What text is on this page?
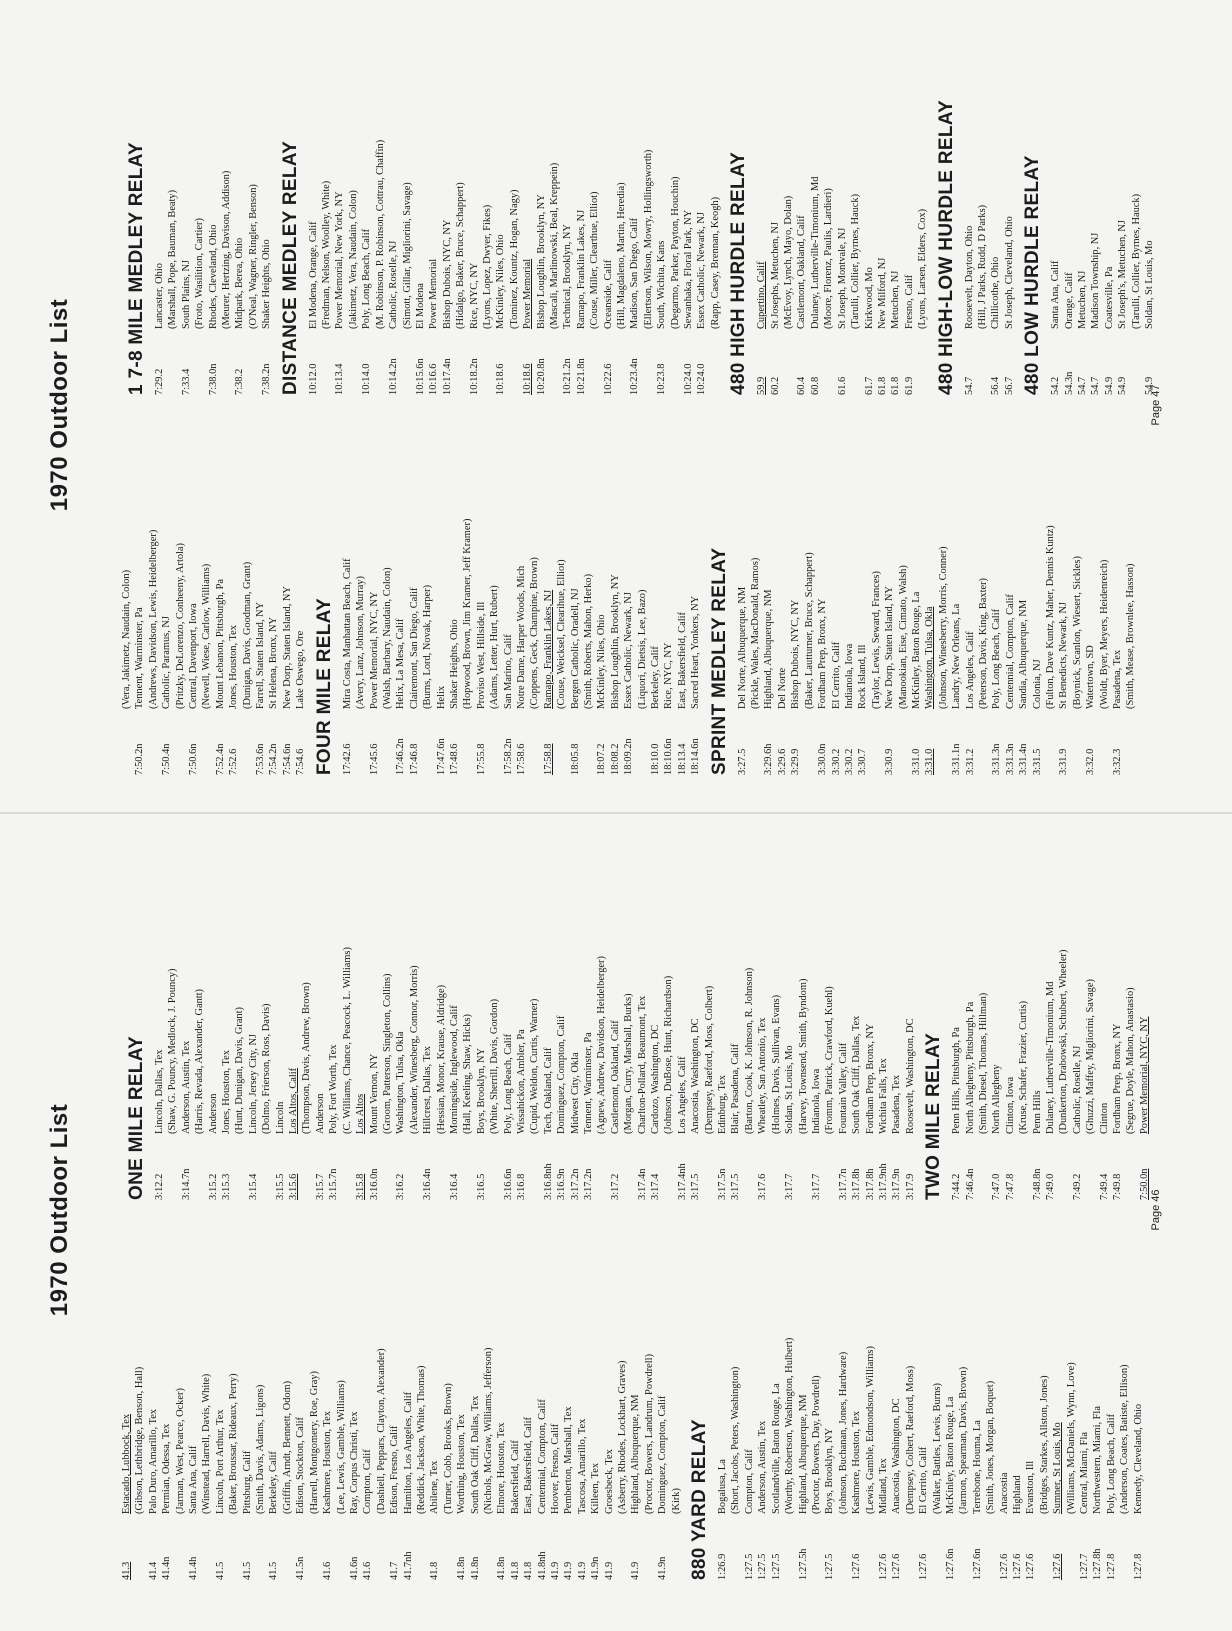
1970 Outdoor List
41.3
Estacado, Lubbock, Tex (Gibson, Lethbridge, Benson, Hall)
41.4
Palo Duro, Amarillo, Tex
41.4n
Permian, Odessa, Tex (Jarman, West, Pearce, Ocker)
41.4h
Santa Ana, Calif (Winstead, Harrell, Davis, White)
41.5
Lincoln, Port Arthur, Tex (Baker, Broussar, Rideaux, Perry)
41.5
Pittsburg, Calif (Smith, Davis, Adams, Ligons)
41.5
Berkeley, Calif (Griffin, Arndt, Bennett, Odom)
41.5n
Edison, Stockton, Calif (Harrell, Montgomery, Roe, Gray)
41.6
Kashmere, Houston, Tex (Lee, Lewis, Gamble, Williams)
41.6n
Ray, Corpus Christi, Tex
41.6
Compton, Calif (Dashiell, Peppars, Clayton, Alexander)
41.7
Edison, Fresno, Calif
41.7nh
Hamilton, Los Angeles, Calif (Reddick, Jackson, White, Thomas)
41.8
Abilene, Tex (Turner, Cobb, Brooks, Brown)
41.8n
Worthing, Houston, Tex
41.8n
South Oak Cliff, Dallas, Tex (Nichols, McGraw, Williams, Jefferson)
41.8n
Elmore, Houston, Tex
41.8
Bakersfield, Calif
41.8
East, Bakersfield, Calif
41.8nh
Centennial, Compton, Calif
41.9
Hoover, Fresno, Calif
41.9
Pemberton, Marshall, Tex
41.9
Tascosa, Amarillo, Tex
41.9n
Killeen, Tex
41.9
Groesbeck, Tex (Asberry, Rhodes, Lockhart, Graves)
41.9
Highland, Albuquerque, NM (Proctor, Bowers, Landrum, Powdrell)
41.9n
Dominguez, Compton, Calif (Kirk) 880 YARD RELAY 1:26.9
Bogalusa, La (Short, Jacobs, Peters, Washington)
1:27.5
Compton, Calif
1:27.5
Anderson, Austin, Tex
1:27.5
Scotlandville, Baton Rouge, La (Worthy, Robertson, Washington, Hulbert)
1:27.5h
Highland, Albuquerque, NM (Proctor, Bowers, Day, Powdrell)
1:27.5
Boys, Brooklyn, NY (Johnson, Buchanan, Jones, Hardware)
1:27.6
Kashmere, Houston, Tex (Lewis, Gamble, Edmondson, Williams)
1:27.6
Midland, Tex
1:27.6
Anacostia, Washington, DC (Dempsey, Colbert, Raeford, Moss)
1:27.6
El Cerrito, Calif (Walker, Battles, Lewis, Burns)
1:27.6n
McKinley, Baton Rouge, La (Jarmon, Spearman, Davis, Brown)
1:27.6n
Terrebone, Houma, La (Smith, Jones, Morgan, Boquet)
1:27.6
Anacostia
1:27.6
Highland
1:27.6
Evanston, Ill (Bridges, Starkes, Allston, Jones)
1:27.6
Sumner, St Louis, Mo (Williams, McDaniels, Wynn, Love)
1:27.7
Central, Miami, Fla
1:27.8h
Northwestern, Miami, Fla
1:27.8
Poly, Long Beach, Calif (Anderson, Coates, Batiste, Ellison)
1:27.8
Kennedy, Cleveland, Ohio
ONE MILE RELAY 3:12.2
Lincoln, Dallas, Tex (Shaw, G. Pouncy, Medlock, J. Pouncy)
3:14.7n
Anderson, Austin, Tex (Harris, Revada, Alexander, Gantt)
3:15.2
Anderson
3:15.3
Jones, Houston, Tex (Hunt, Dunigan, Davis, Grant)
3:15.4
Lincoln, Jersey City, NJ (Dolmo, Frierson, Ross, Davis)
3:15.5
Lincoln
3:15.6
Los Altos, Calif (Thompson, Davis, Andrew, Brown)
3:15.7
Anderson
3:15.7n
Poly, Fort Worth, Tex (C. Williams, Chance, Peacock, L. Williams)
3:15.8
Los Altos
3:16.0n
Mount Vernon, NY (Groom, Patterson, Singleton, Collins)
3:16.2
Washington, Tulsa, Okla (Alexander, Winesberg, Connor, Morris)
3:16.4n
Hillcrest, Dallas, Tex (Hessian, Monor, Krause, Aldridge)
3:16.4
Morningside, Inglewood, Calif (Hall, Keeling, Shaw, Hicks)
3:16.5
Boys, Brooklyn, NY (White, Sherrill, Davis, Gordon)
3:16.6n
Poly, Long Beach, Calif
3:16.8
Wissahickon, Ambler, Pa (Cupid, Weldon, Curtis, Warner)
3:16.8nh
Tech, Oakland, Calif
3:16.9n
Dominguez, Compton, Calif
3:17.2n
Midwest City, Okla
3:17.2n
Tennent, Warminster, Pa (Agnew, Andrew, Davidson, Heidelberger)
3:17.2
Castlemont, Oakland, Calif (Morgan, Curry, Marshall, Burks)
3:17.4n
Charlton-Pollard, Beaumont, Tex
3:17.4
Cardozo, Washington, DC (Johnson, DuBose, Hunt, Richardson)
3:17.4nh
Los Angeles, Calif
3:17.5
Anacostia, Washington, DC (Dempsey, Raeford, Moss, Colbert)
3:17.5n
Edinburg, Tex
3:17.5
Blair, Pasadena, Calif (Barton, Cook, K. Johnson, R. Johnson)
3:17.6
Wheatley, San Antonio, Tex (Holmes, Davis, Sullivan, Evans)
3:17.7
Soldan, St Louis, Mo (Harvey, Townsend, Smith, Byndom)
3:17.7
Indianola, Iowa (Fromm, Patrick, Crawford, Kuehl)
3:17.7n
Fountain Valley, Calif
3:17.8h
South Oak Cliff, Dallas, Tex
3:17.8h
Fordham Prep, Bronx, NY
3:17.9nh
Wichita Falls, Tex
3:17.9n
Pasadena, Tex
3:17.9
Roosevelt, Washington, DC TWO MILE RELAY 7:44.2
Penn Hills, Pittsburgh, Pa
7:46.4n
North Allegheny, Pittsburgh, Pa (Smith, Diesel, Thomas, Hillman)
7:47.0
North Allegheny
7:47.8
Clinton, Iowa (Kruse, Schafer, Frazier, Curtis)
7:48.8n
Penn Hills
7:49.0
Dulaney, Lutherville-Timonium, Md (Dunkerton, Drabowski, Schubert, Wheeler)
7:49.2
Catholic, Roselle, NJ (Ghuzzi, Maffey, Migliorini, Savage)
7:49.4
Clinton
7:49.8
Fordham Prep, Bronx, NY (Segrue, Doyle, Mahon, Anastasio)
7:50.0n
Power Memorial, NYC, NY
Page 46
1970 Outdoor List
(Vera, Jakimetz, Naudain, Colon)
7:50.2n
Tennent, Warminster, Pa (Andrews, Davidson, Lewis, Heidelberger)
7:50.4n
Catholic, Paramus, NJ (Pritzky, DeLorenzo, Conheeny, Artola)
7:50.6n
Central, Davenport, Iowa (Newell, Wiese, Carlow, Williams)
7:52.4n
Mount Lebanon, Pittsburgh, Pa
7:52.6
Jones, Houston, Tex (Dunigan, Davis, Goodman, Grant)
7:53.6n
Farrell, Staten Island, NY
7:54.2n
St Helena, Bronx, NY
7:54.6n
New Dorp, Staten Island, NY
7:54.6
Lake Oswego, Ore FOUR MILE RELAY 17:42.6
Mira Costa, Manhattan Beach, Calif (Avery, Lanz, Johnson, Murray)
17:45.6
Power Memorial, NYC, NY (Walsh, Barbary, Naudain, Colon)
17:46.2n
Helix, La Mesa, Calif
17:46.8
Clairemont, San Diego, Calif (Burns, Lord, Novak, Harper)
17:47.6n
Helix
17:48.6
Shaker Heights, Ohio (Hopwood, Brown, Jim Kramer, Jeff Kramer)
17:55.8
Proviso West, Hillside, Ill (Adams, Letter, Hurt, Rubert)
17:58.2n
San Marino, Calif
17:58.6
Notre Dame, Harper Woods, Mich (Coppens, Geck, Champine, Brown)
17:58.8
Ramapo, Franklin Lakes, NJ (Couse, Weicksel, Clearihue, Elliot)
18:05.8
Bergen Catholic, Oradell, NJ (Smith, Roberts, Mahon, Herko)
18:07.2
McKinley, Niles, Ohio
18:08.2
Bishop Loughlin, Brooklyn, NY
18:09.2n
Essex Catholic, Newark, NJ (Liquori, Dietsis, Lee, Bazo)
18:10.0
Berkeley, Calif
18:10.6n
Rice, NYC, NY
18:13.4
East, Bakersfield, Calif
18:14.6n
Sacred Heart, Yonkers, NY SPRINT MEDLEY RELAY 3:27.5
Del Norte, Albuquerque, NM (Pickle, Wales, MacDonald, Ramos)
3:29.6h
Highland, Albuquerque, NM
3:29.6
Del Norte
3:29.9
Bishop Dubois, NYC, NY (Baker, Lautturner, Bruce, Schappert)
3:30.0n
Fordham Prep, Bronx, NY
3:30.2
El Cerrito, Calif
3:30.2
Indianola, Iowa
3:30.7
Rock Island, Ill (Taylor, Lewis, Seward, Frances)
3:30.9
New Dorp, Staten Island, NY (Manookian, Eise, Cimato, Walsh)
3:31.0
McKinley, Baton Rouge, La
3:31.0
Washington, Tulsa, Okla (Johnson, Winesberry, Morris, Conner)
3:31.1n
Landry, New Orleans, La
3:31.2
Los Angeles, Calif (Peterson, Davis, King, Baxter)
3:31.3n
Poly, Long Beach, Calif
3:31.3n
Centennial, Compton, Calif
3:31.4n
Sandia, Albuquerque, NM
3:31.5
Colonia, NJ (Fulton, Dave Kuntz, Maher, Dennis Kuntz)
3:31.9
St Benedicts, Newark, NJ (Boynick, Scanlon, Wiesert, Sickles)
3:32.0
Watertown, SD (Woldt, Byer, Meyers, Heidenreich)
3:32.3
Pasadena, Tex (Smith, Mease, Brownlee, Hasson)
1 7-8 MILE MEDLEY RELAY 7:29.2
Lancaster, Ohio (Marshall, Pope, Bauman, Beaty)
7:33.4
South Plains, NJ (Froto, Wasilition, Cartier)
7:38.0n
Rhodes, Cleveland, Ohio (Meurer, Hertzing, Davison, Addison)
7:38.2
Midpark, Berea, Ohio (O'Neal, Wagner, Ringler, Benson)
7:38.2n
Shaker Heights, Ohio DISTANCE MEDLEY RELAY 10:12.0
El Modena, Orange, Calif (Fredman, Nelson, Woolley, White)
10:13.4
Power Memorial, New York, NY (Jakimetz, Vera, Naudain, Colon)
10:14.0
Poly, Long Beach, Calif (M. Robinson, P. Robinson, Cottrau, Chaffin)
10:14.2n
Catholic, Roselle, NJ (Simott, Gillar, Migliorini, Savage)
10:15.6n
El Modena
10:16.6
Power Memorial
10:17.4n
Bishop Dubois, NYC, NY (Hidalgo, Baker, Bruce, Schappert)
10:18.2n
Rice, NYC, NY (Lyons, Lopez, Dwyer, Fikes)
10:18.6
McKinley, Niles, Ohio (Tominez, Kountz, Hogan, Nagy)
10:18.6
Power Memorial
10:20.8n
Bishop Loughlin, Brooklyn, NY (Mascali, Marlinowski, Beal, Kreppein)
10:21.2n
Technical, Brooklyn, NY
10:21.8n
Ramapo, Franklin Lakes, NJ (Couse, Miller, Clearthue, Elliot)
10:22.6
Oceanside, Calif (Hill, Magdaleno, Martin, Heredia)
10:23.4n
Madison, San Diego, Calif (Ellertson, Wilson, Mowry, Hollingsworth)
10:23.8
South, Wichita, Kans (Degarmo, Parker, Payton, Houchin)
10:24.0
Sewanhaka, Floral Park, NY
10:24.0
Essex Catholic, Newark, NJ (Rapp, Casey, Brennan, Keogh) 480 HIGH HURDLE RELAY 59.9
Cupertino, Calif
60.2
St Josephs, Metuchen, NJ (McEvoy, Lynch, Mayo, Dolan)
60.4
Castlemont, Oakland, Calif
60.8
Dulaney, Lutherville-Timonium, Md (Moore, Florenz, Paulis, Lardieri)
61.6
St Joseph, Montvale, NJ (Tarulli, Collier, Byrnes, Hauck)
61.7
Kirkwood, Mo
61.8
New Milford, NJ
61.8
Metuchen, NJ
61.9
Fresno, Calif (Lyons, Larsen, Elders, Cox) 480 HIGH-LOW HURDLE RELAY 54.7
Roosevelt, Dayton, Ohio (Hill, J Parks, Rudd, D Parks)
56.4
Chillicothe, Ohio
56.7
St Joseph, Cleveland, Ohio 480 LOW HURDLE RELAY 54.2
Santa Ana, Calif
54.3n
Orange, Calif
54.7
Metuchen, NJ
54.7
Madison Township, NJ
54.9
Coatesville, Pa
54.9
St Joseph's, Metuchen, NJ (Tarulli, Collier, Byrnes, Hauck)
54.9
Soldan, St Louis, Mo
Page 47
